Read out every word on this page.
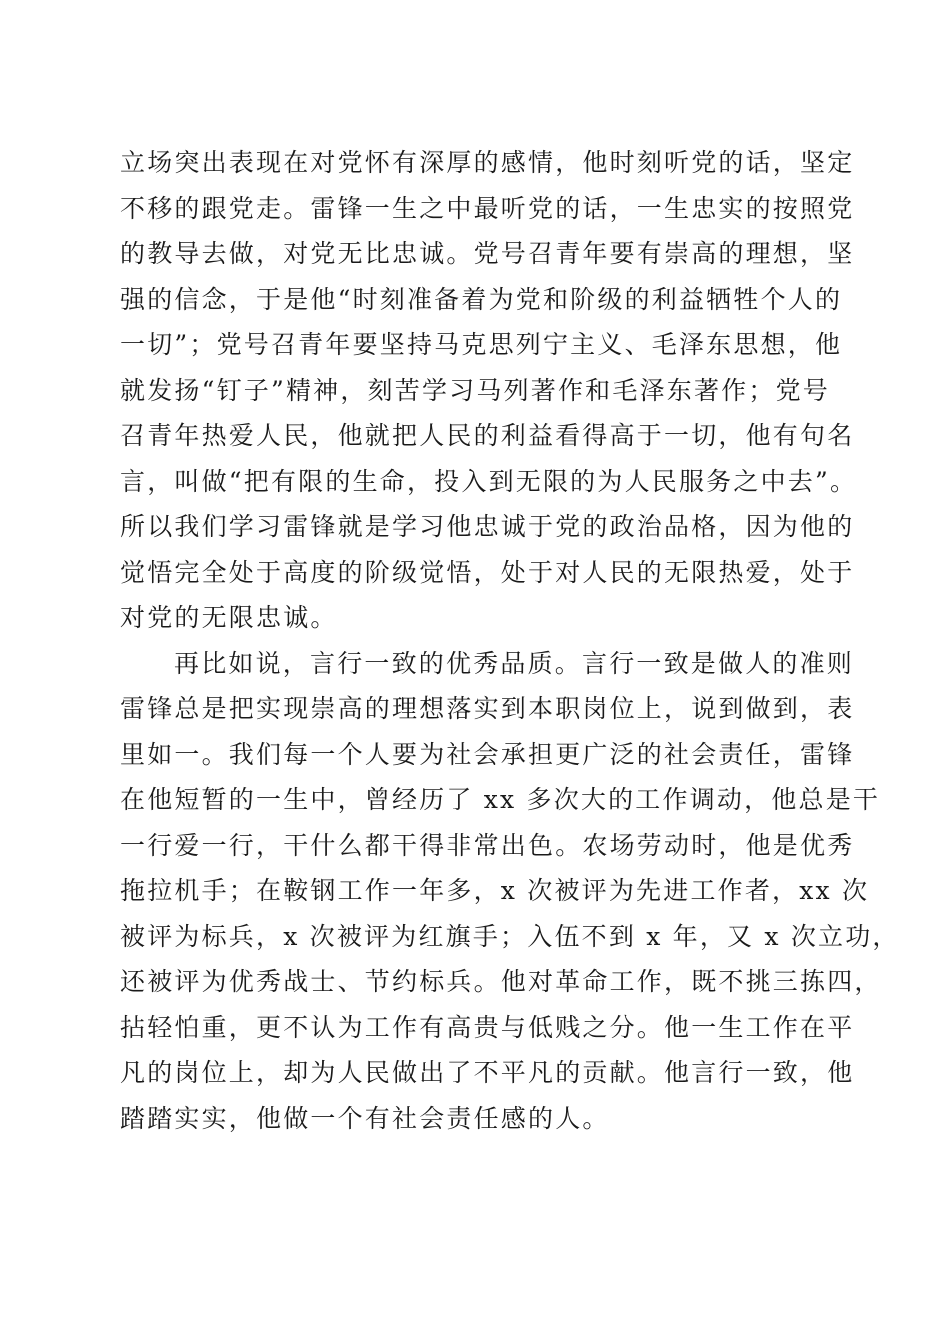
立场突出表现在对党怀有深厚的感情，他时刻听党的话，坚定
不移的跟党走。雷锋一生之中最听党的话，一生忠实的按照党
的教导去做，对党无比忠诚。党号召青年要有崇高的理想，坚
强的信念，于是他“时刻准备着为党和阶级的利益牺牲个人的
一切”；党号召青年要坚持马克思列宁主义、毛泽东思想，他
就发扬“钉子”精神，刻苦学习马列著作和毛泽东著作；党号
召青年热爱人民，他就把人民的利益看得高于一切，他有句名
言，叫做“把有限的生命，投入到无限的为人民服务之中去”。
所以我们学习雷锋就是学习他忠诚于党的政治品格，因为他的
觉悟完全处于高度的阶级觉悟，处于对人民的无限热爱，处于
对党的无限忠诚。
再比如说，言行一致的优秀品质。言行一致是做人的准则
雷锋总是把实现崇高的理想落实到本职岗位上，说到做到，表
里如一。我们每一个人要为社会承担更广泛的社会责任，雷锋
在他短暂的一生中，曾经历了 xx 多次大的工作调动，他总是干
一行爱一行，干什么都干得非常出色。农场劳动时，他是优秀
拖拉机手；在鞍钢工作一年多，x 次被评为先进工作者，xx 次
被评为标兵，x 次被评为红旗手；入伍不到 x 年，又 x 次立功，
还被评为优秀战士、节约标兵。他对革命工作，既不挑三拣四，
拈轻怕重，更不认为工作有高贵与低贱之分。他一生工作在平
凡的岗位上，却为人民做出了不平凡的贡献。他言行一致，他
踏踏实实，他做一个有社会责任感的人。
